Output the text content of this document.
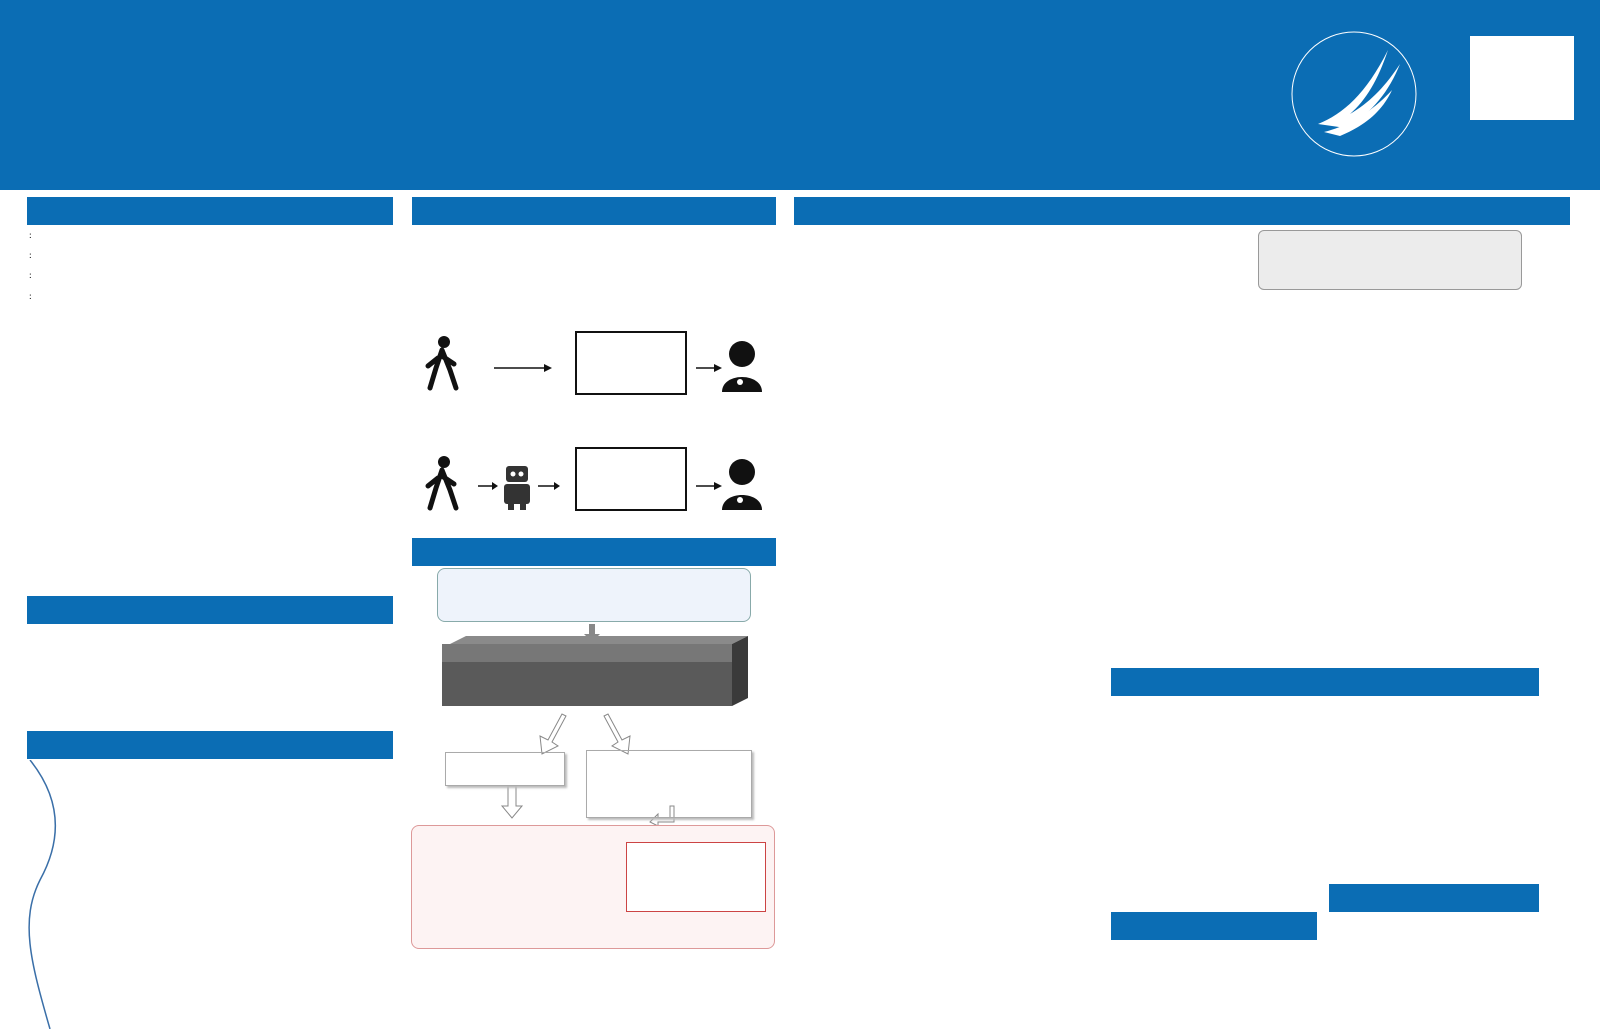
:

:

:

:
